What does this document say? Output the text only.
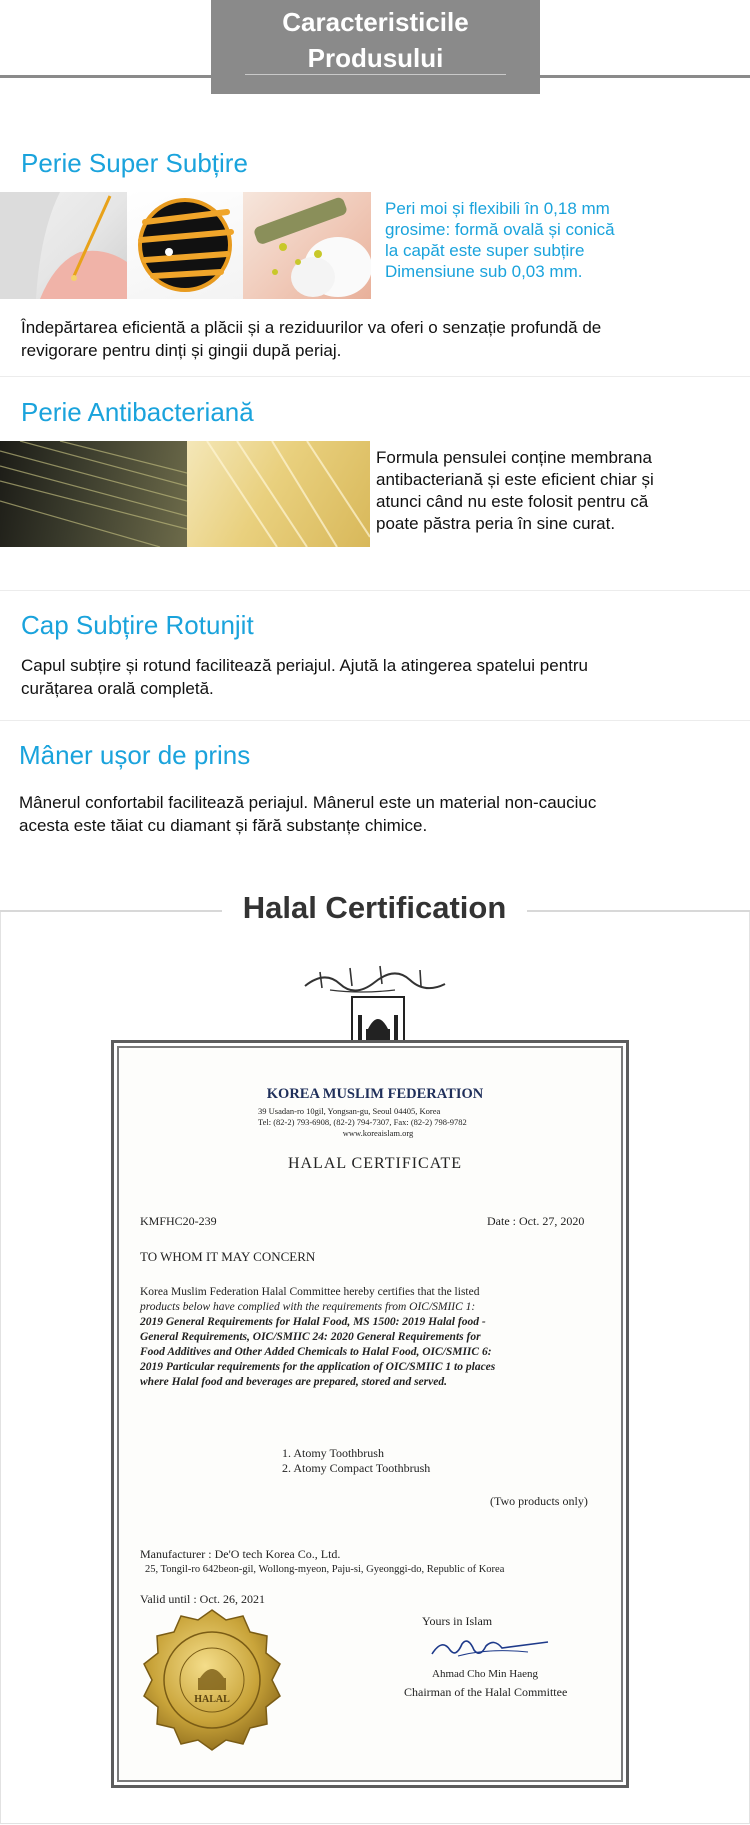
Caracteristicile
Produsului
Perie Super Subțire
Peri moi și flexibili în 0,18 mm
grosime: formă ovală și conică
la capăt este super subțire
Dimensiune sub 0,03 mm.
Îndepărtarea eficientă a plăcii și a reziduurilor va oferi o senzație profundă de
revigorare pentru dinți și gingii după periaj.
Perie Antibacteriană
Formula pensulei conține membrana
antibacteriană și este eficient chiar și
atunci când nu este folosit pentru că
poate păstra peria în sine curat.
Cap Subțire Rotunjit
Capul subțire și rotund facilitează periajul. Ajută la atingerea spatelui pentru
curățarea orală completă.
Mâner ușor de prins
Mânerul confortabil facilitează periajul. Mânerul este un material non-cauciuc
acesta este tăiat cu diamant și fără substanțe chimice.
Halal Certification
KOREA MUSLIM FEDERATION
39 Usadan-ro 10gil, Yongsan-gu, Seoul 04405, Korea
Tel: (82-2) 793-6908, (82-2) 794-7307, Fax: (82-2) 798-9782
www.koreaislam.org
HALAL CERTIFICATE
KMFHC20-239	Date : Oct. 27, 2020
TO WHOM IT MAY CONCERN
Korea Muslim Federation Halal Committee hereby certifies that the listed
products below have complied with the requirements from OIC/SMIIC 1:
2019 General Requirements for Halal Food, MS 1500: 2019 Halal food -
General Requirements, OIC/SMIIC 24: 2020 General Requirements for
Food Additives and Other Added Chemicals to Halal Food, OIC/SMIIC 6:
2019 Particular requirements for the application of OIC/SMIIC 1 to places
where Halal food and beverages are prepared, stored and served.
1. Atomy Toothbrush
2. Atomy Compact Toothbrush
(Two products only)
Manufacturer : De'O tech Korea Co., Ltd.
25, Tongil-ro 642beon-gil, Wollong-myeon, Paju-si, Gyeonggi-do, Republic of Korea
Valid until : Oct. 26, 2021
Yours in Islam
Ahmad Cho Min Haeng
Chairman of the Halal Committee
HALAL
